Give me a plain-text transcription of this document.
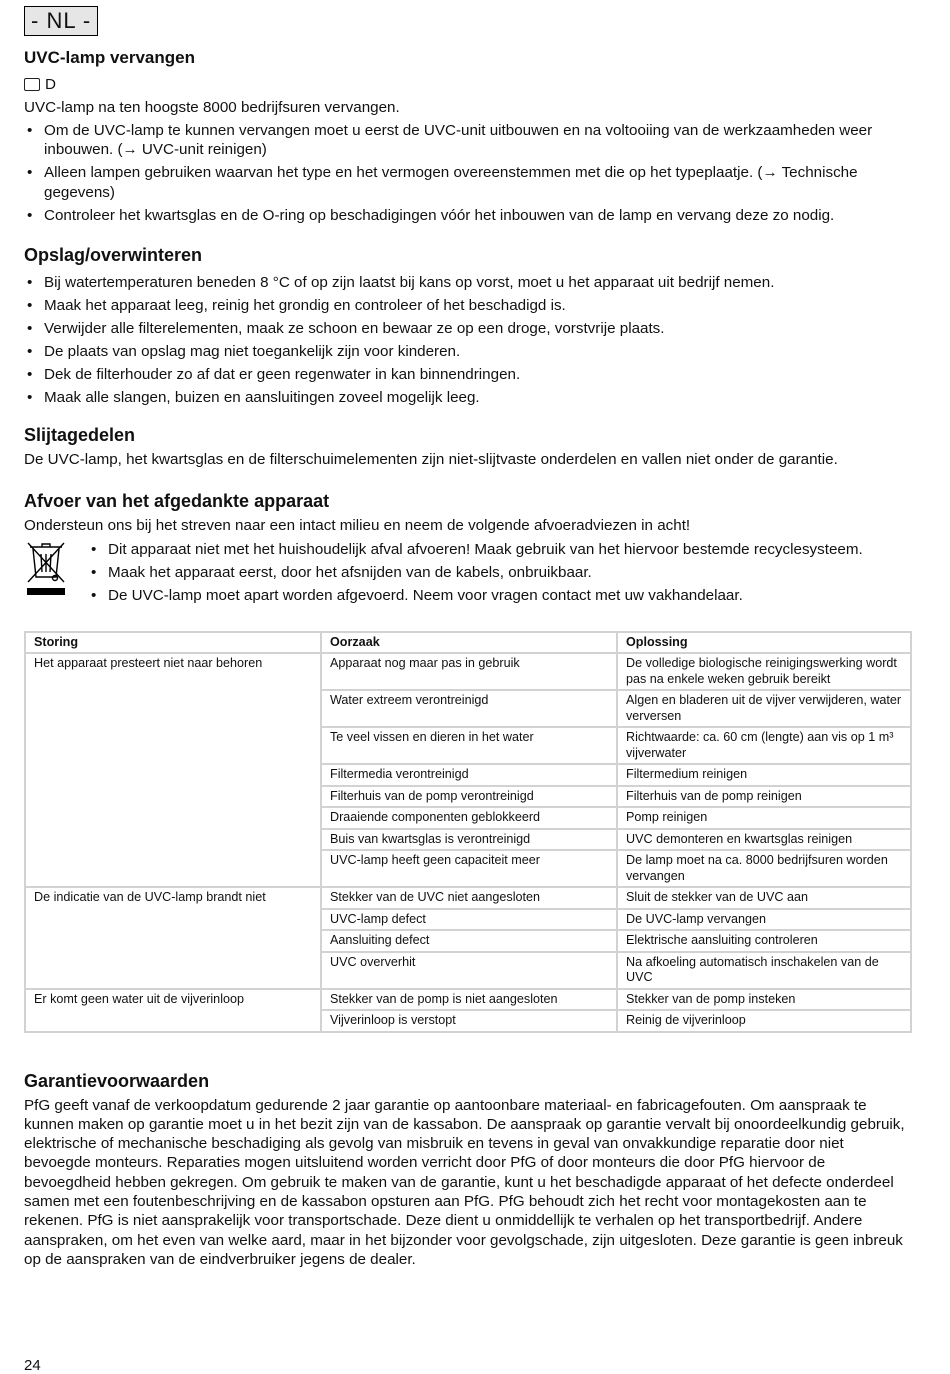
- NL -
UVC-lamp vervangen
D

UVC-lamp na ten hoogste 8000 bedrijfsuren vervangen.

• Om de UVC-lamp te kunnen vervangen moet u eerst de UVC-unit uitbouwen en na voltooiing van de werkzaamheden weer inbouwen. (→ UVC-unit reinigen)
• Alleen lampen gebruiken waarvan het type en het vermogen overeenstemmen met die op het typeplaatje. (→ Technische gegevens)
• Controleer het kwartsglas en de O-ring op beschadigingen vóór het inbouwen van de lamp en vervang deze zo nodig.
Opslag/overwinteren
• Bij watertemperaturen beneden 8 °C of op zijn laatst bij kans op vorst, moet u het apparaat uit bedrijf nemen.
• Maak het apparaat leeg, reinig het grondig en controleer of het beschadigd is.
• Verwijder alle filterelementen, maak ze schoon en bewaar ze op een droge, vorstvrije plaats.
• De plaats van opslag mag niet toegankelijk zijn voor kinderen.
• Dek de filterhouder zo af dat er geen regenwater in kan binnendringen.
• Maak alle slangen, buizen en aansluitingen zoveel mogelijk leeg.
Slijtagedelen

De UVC-lamp, het kwartsglas en de filterschuimelementen zijn niet-slijtvaste onderdelen en vallen niet onder de garantie.

Afvoer van het afgedankte apparaat

Ondersteun ons bij het streven naar een intact milieu en neem de volgende afvoeradviezen in acht!

• Dit apparaat niet met het huishoudelijk afval afvoeren! Maak gebruik van het hiervoor bestemde recyclesysteem.
• Maak het apparaat eerst, door het afsnijden van de kabels, onbruikbaar.
• De UVC-lamp moet apart worden afgevoerd. Neem voor vragen contact met uw vakhandelaar.
Storing	Oorzaak	Oplossing
Het apparaat presteert niet naar behoren	Apparaat nog maar pas in gebruik	De volledige biologische reinigingswerking wordt pas na enkele weken gebruik bereikt
	Water extreem verontreinigd	Algen en bladeren uit de vijver verwijderen, water verversen
	Te veel vissen en dieren in het water	Richtwaarde: ca. 60 cm (lengte) aan vis op 1 m³ vijverwater
	Filtermedia verontreinigd	Filtermedium reinigen
	Filterhuis van de pomp verontreinigd	Filterhuis van de pomp reinigen
	Draaiende componenten geblokkeerd	Pomp reinigen
	Buis van kwartsglas is verontreinigd	UVC demonteren en kwartsglas reinigen
	UVC-lamp heeft geen capaciteit meer	De lamp moet na ca. 8000 bedrijfsuren worden vervangen
De indicatie van de UVC-lamp brandt niet	Stekker van de UVC niet aangesloten	Sluit de stekker van de UVC aan
	UVC-lamp defect	De UVC-lamp vervangen
	Aansluiting defect	Elektrische aansluiting controleren
	UVC oververhit	Na afkoeling automatisch inschakelen van de UVC
Er komt geen water uit de vijverinloop	Stekker van de pomp is niet aangesloten	Stekker van de pomp insteken
	Vijverinloop is verstopt	Reinig de vijverinloop
Garantievoorwaarden

PfG geeft vanaf de verkoopdatum gedurende 2 jaar garantie op aantoonbare materiaal- en fabricagefouten. Om aanspraak te kunnen maken op garantie moet u in het bezit zijn van de kassabon. De aanspraak op garantie vervalt bij onoordeelkundig gebruik, elektrische of mechanische beschadiging als gevolg van misbruik en tevens in geval van onvakkundige reparatie door niet bevoegde monteurs. Reparaties mogen uitsluitend worden verricht door PfG of door monteurs die door PfG hiervoor de bevoegdheid hebben gekregen. Om gebruik te maken van de garantie, kunt u het beschadigde apparaat of het defecte onderdeel samen met een foutenbeschrijving en de kassabon opsturen aan PfG. PfG behoudt zich het recht voor montagekosten aan te rekenen. PfG is niet aansprakelijk voor transportschade. Deze dient u onmiddellijk te verhalen op het transportbedrijf. Andere aanspraken, om het even van welke aard, maar in het bijzonder voor gevolgschade, zijn uitgesloten. Deze garantie is geen inbreuk op de aanspraken van de eindverbruiker jegens de dealer.

24
